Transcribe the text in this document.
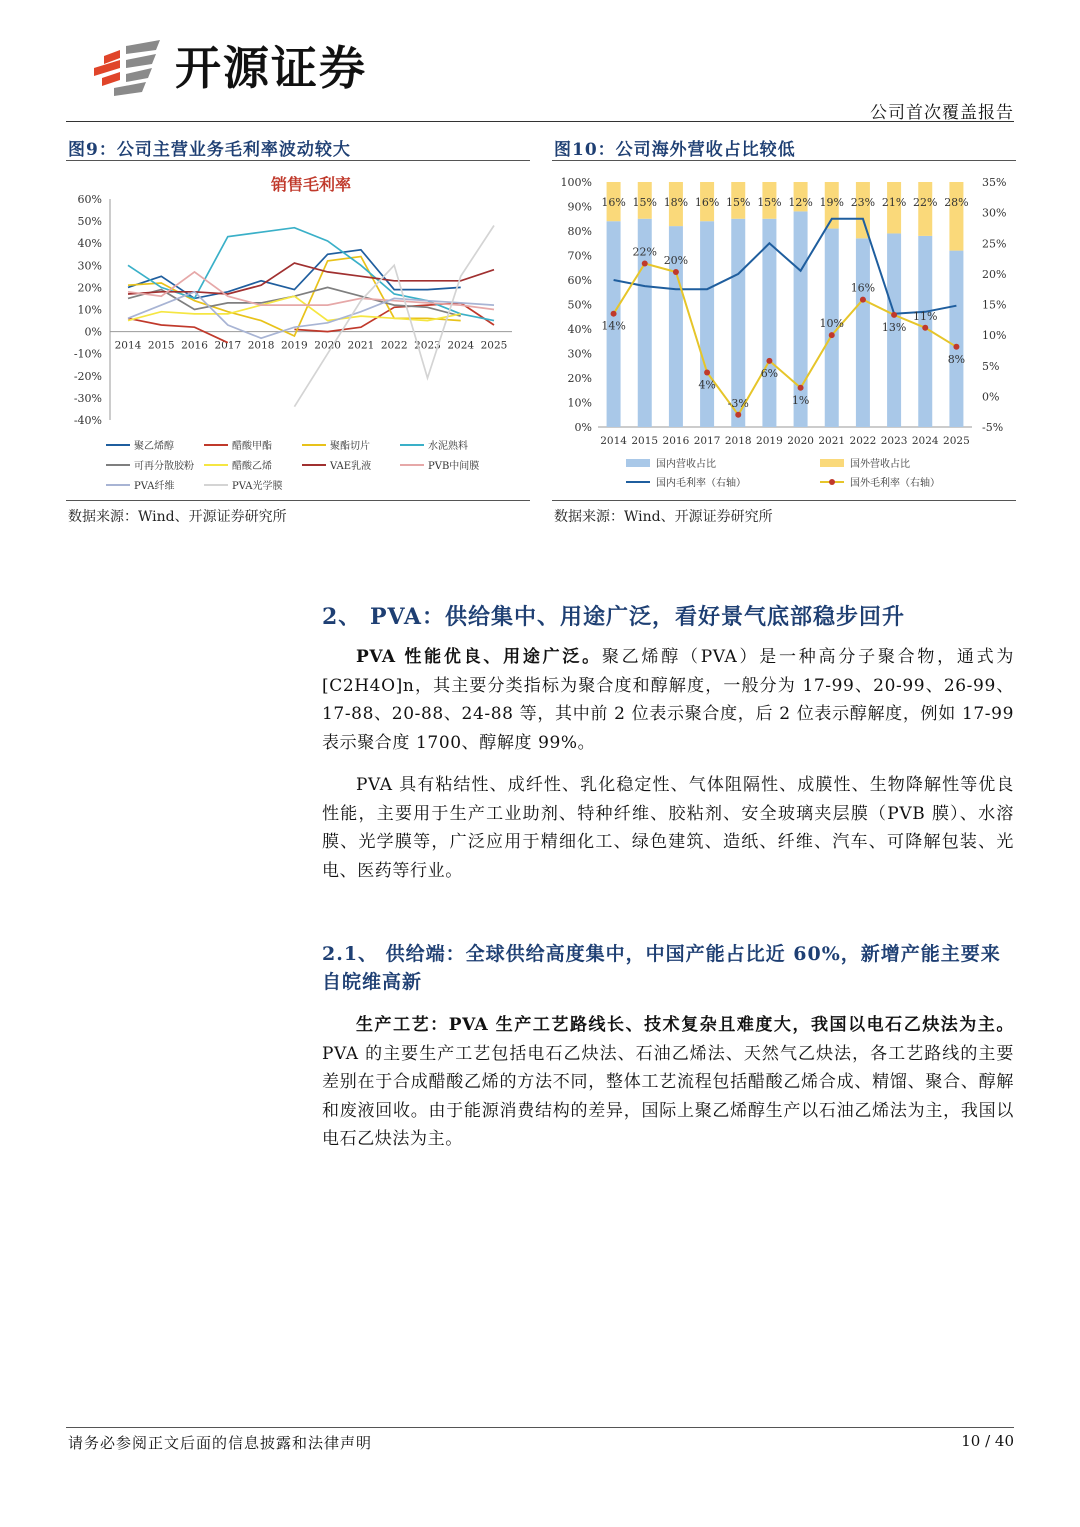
开源证券
公司首次覆盖报告
图9：公司主营业务毛利率波动较大
销售毛利率
60%
50%
40%
30%
20%
10%
0%
-10%
-20%
-30%
-40%
2014 2015 2016 2017 2018 2019 2020 2021 2022 2023 2024 2025
聚乙烯醇	醋酸甲酯	聚酯切片	水泥熟料
可再分散胶粉	醋酸乙烯	VAE乳液	PVB中间膜
PVA纤维	PVA光学膜
数据来源：Wind、开源证券研究所
图10：公司海外营收占比较低
100%
90%
80%
70%
60%
50%
40%
30%
20%
10%
0%
35%
30%
25%
20%
15%
10%
5%
0%
-5%
16%
2014
15%
2015
18%
2016
16%
2017
15%
2018
15%
2019
12%
2020
19%
2021
23%
2022
21%
2023
22%
2024
28%
2025
14%
22%
20%
4%
-3%
6%
1%
10%
16%
13%
11%
8%
国内营收占比	国外营收占比
国内毛利率（右轴）	国外毛利率（右轴）
数据来源：Wind、开源证券研究所
2、 PVA：供给集中、用途广泛，看好景气底部稳步回升

PVA 性能优良、用途广泛。聚乙烯醇（PVA）是一种高分子聚合物，通式为[C2H4O]n，其主要分类指标为聚合度和醇解度，一般分为 17-99、20-99、26-99、17-88、20-88、24-88 等，其中前 2 位表示聚合度，后 2 位表示醇解度，例如 17-99 表示聚合度 1700、醇解度 99%。

PVA 具有粘结性、成纤性、乳化稳定性、气体阻隔性、成膜性、生物降解性等优良性能，主要用于生产工业助剂、特种纤维、胶粘剂、安全玻璃夹层膜（PVB 膜）、水溶膜、光学膜等，广泛应用于精细化工、绿色建筑、造纸、纤维、汽车、可降解包装、光电、医药等行业。

2.1、 供给端：全球供给高度集中，中国产能占比近 60%，新增产能主要来自皖维高新

生产工艺：PVA 生产工艺路线长、技术复杂且难度大，我国以电石乙炔法为主。PVA 的主要生产工艺包括电石乙炔法、石油乙烯法、天然气乙炔法，各工艺路线的主要差别在于合成醋酸乙烯的方法不同，整体工艺流程包括醋酸乙烯合成、精馏、聚合、醇解和废液回收。由于能源消费结构的差异，国际上聚乙烯醇生产以石油乙烯法为主，我国以电石乙炔法为主。

请务必参阅正文后面的信息披露和法律声明	10 / 40
